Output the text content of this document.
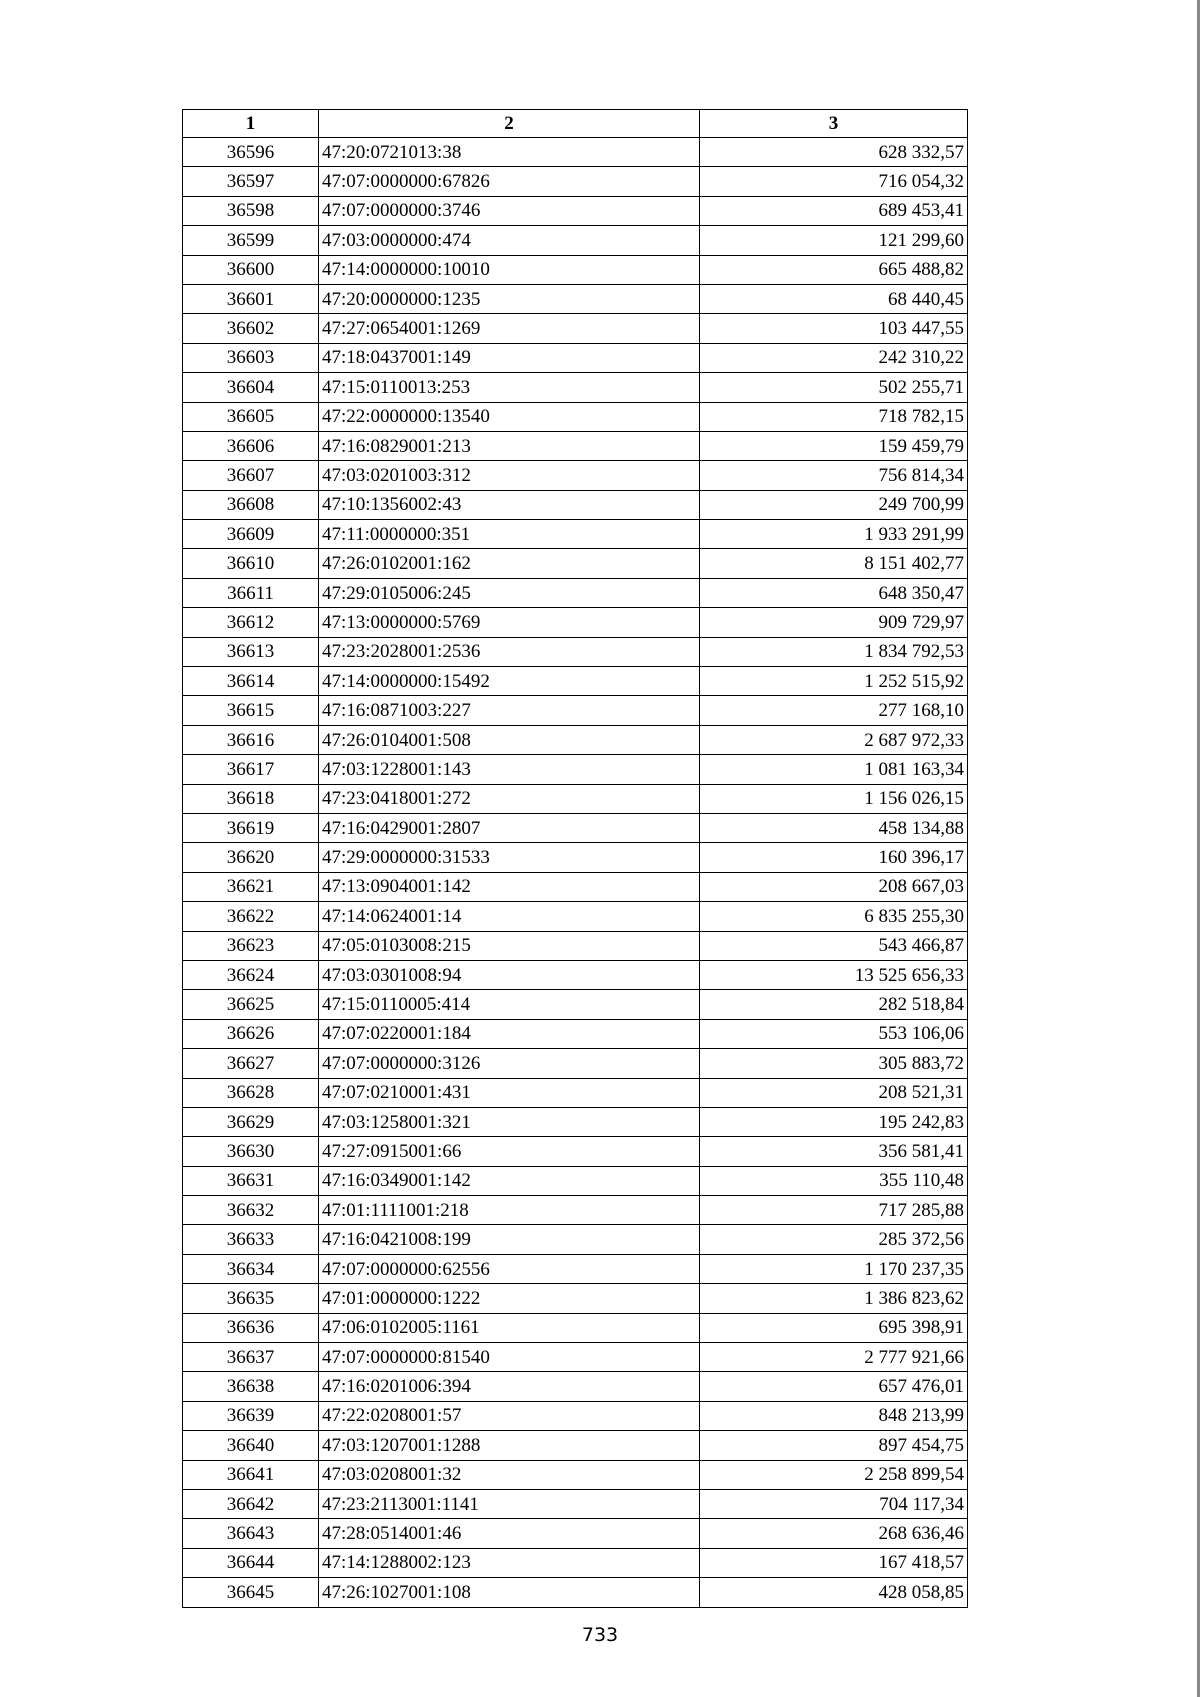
1	2	3
36596	47:20:0721013:38	628 332,57
36597	47:07:0000000:67826	716 054,32
36598	47:07:0000000:3746	689 453,41
36599	47:03:0000000:474	121 299,60
36600	47:14:0000000:10010	665 488,82
36601	47:20:0000000:1235	68 440,45
36602	47:27:0654001:1269	103 447,55
36603	47:18:0437001:149	242 310,22
36604	47:15:0110013:253	502 255,71
36605	47:22:0000000:13540	718 782,15
36606	47:16:0829001:213	159 459,79
36607	47:03:0201003:312	756 814,34
36608	47:10:1356002:43	249 700,99
36609	47:11:0000000:351	1 933 291,99
36610	47:26:0102001:162	8 151 402,77
36611	47:29:0105006:245	648 350,47
36612	47:13:0000000:5769	909 729,97
36613	47:23:2028001:2536	1 834 792,53
36614	47:14:0000000:15492	1 252 515,92
36615	47:16:0871003:227	277 168,10
36616	47:26:0104001:508	2 687 972,33
36617	47:03:1228001:143	1 081 163,34
36618	47:23:0418001:272	1 156 026,15
36619	47:16:0429001:2807	458 134,88
36620	47:29:0000000:31533	160 396,17
36621	47:13:0904001:142	208 667,03
36622	47:14:0624001:14	6 835 255,30
36623	47:05:0103008:215	543 466,87
36624	47:03:0301008:94	13 525 656,33
36625	47:15:0110005:414	282 518,84
36626	47:07:0220001:184	553 106,06
36627	47:07:0000000:3126	305 883,72
36628	47:07:0210001:431	208 521,31
36629	47:03:1258001:321	195 242,83
36630	47:27:0915001:66	356 581,41
36631	47:16:0349001:142	355 110,48
36632	47:01:1111001:218	717 285,88
36633	47:16:0421008:199	285 372,56
36634	47:07:0000000:62556	1 170 237,35
36635	47:01:0000000:1222	1 386 823,62
36636	47:06:0102005:1161	695 398,91
36637	47:07:0000000:81540	2 777 921,66
36638	47:16:0201006:394	657 476,01
36639	47:22:0208001:57	848 213,99
36640	47:03:1207001:1288	897 454,75
36641	47:03:0208001:32	2 258 899,54
36642	47:23:2113001:1141	704 117,34
36643	47:28:0514001:46	268 636,46
36644	47:14:1288002:123	167 418,57
36645	47:26:1027001:108	428 058,85
733
